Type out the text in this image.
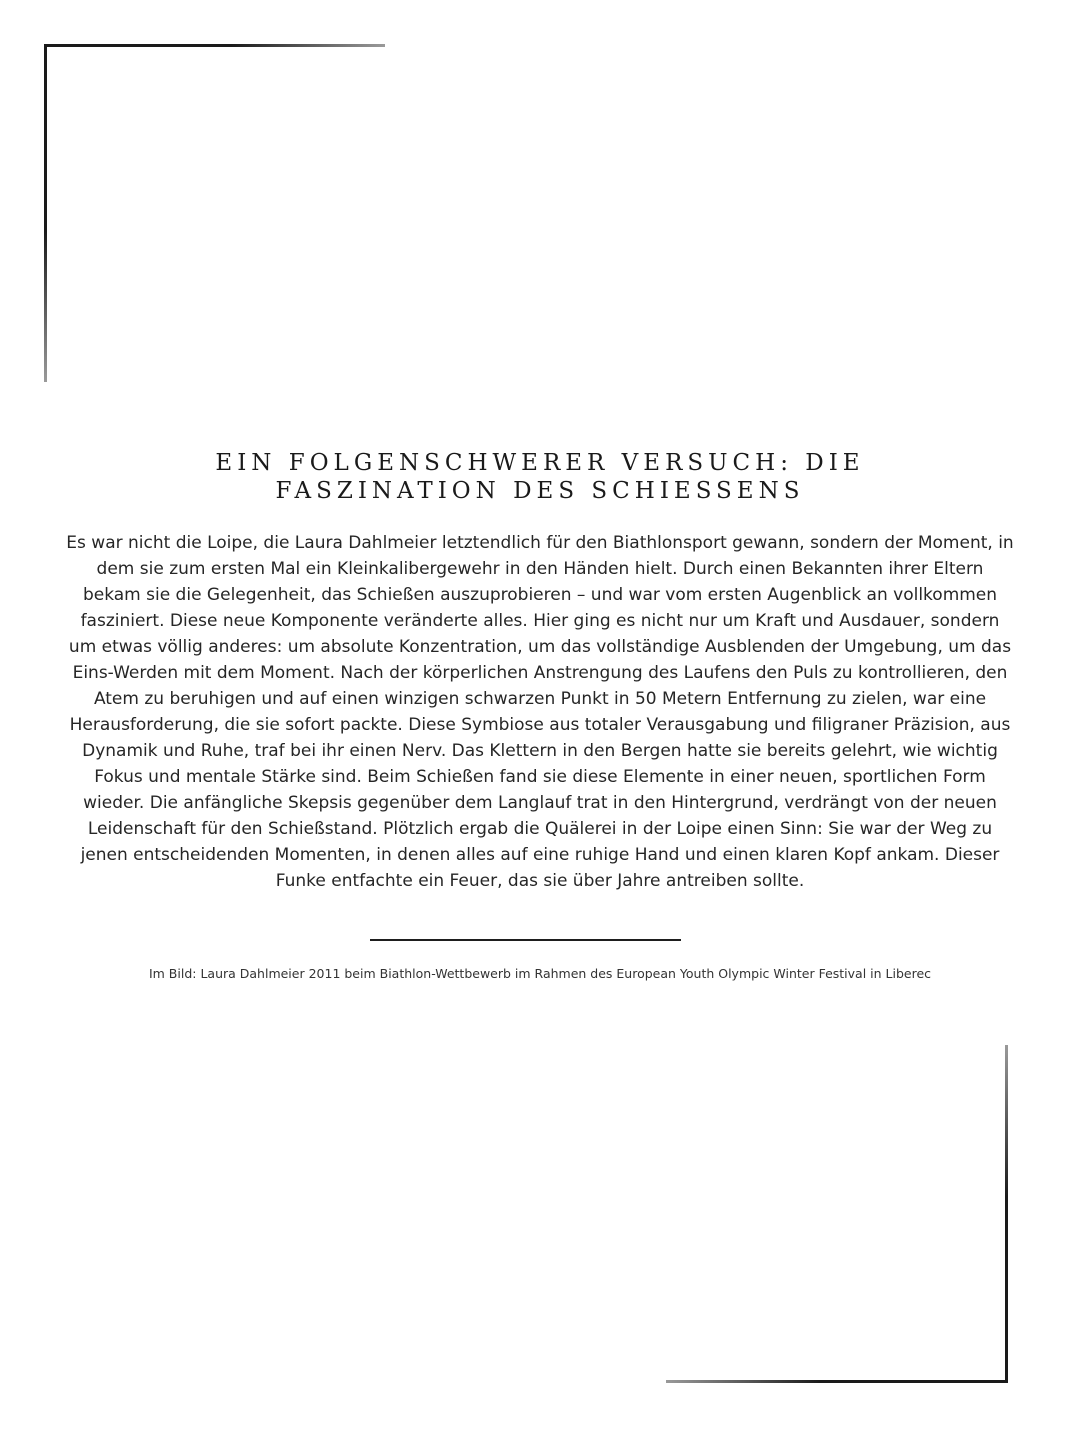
EIN FOLGENSCHWERER VERSUCH: DIE FASZINATION DES SCHIESSENS

Es war nicht die Loipe, die Laura Dahlmeier letztendlich für den Biathlonsport gewann, sondern der Moment, in dem sie zum ersten Mal ein Kleinkalibergewehr in den Händen hielt. Durch einen Bekannten ihrer Eltern bekam sie die Gelegenheit, das Schießen auszuprobieren – und war vom ersten Augenblick an vollkommen fasziniert. Diese neue Komponente veränderte alles. Hier ging es nicht nur um Kraft und Ausdauer, sondern um etwas völlig anderes: um absolute Konzentration, um das vollständige Ausblenden der Umgebung, um das Eins-Werden mit dem Moment. Nach der körperlichen Anstrengung des Laufens den Puls zu kontrollieren, den Atem zu beruhigen und auf einen winzigen schwarzen Punkt in 50 Metern Entfernung zu zielen, war eine Herausforderung, die sie sofort packte. Diese Symbiose aus totaler Verausgabung und filigraner Präzision, aus Dynamik und Ruhe, traf bei ihr einen Nerv. Das Klettern in den Bergen hatte sie bereits gelehrt, wie wichtig Fokus und mentale Stärke sind. Beim Schießen fand sie diese Elemente in einer neuen, sportlichen Form wieder. Die anfängliche Skepsis gegenüber dem Langlauf trat in den Hintergrund, verdrängt von der neuen Leidenschaft für den Schießstand. Plötzlich ergab die Quälerei in der Loipe einen Sinn: Sie war der Weg zu jenen entscheidenden Momenten, in denen alles auf eine ruhige Hand und einen klaren Kopf ankam. Dieser Funke entfachte ein Feuer, das sie über Jahre antreiben sollte.

Im Bild: Laura Dahlmeier 2011 beim Biathlon-Wettbewerb im Rahmen des European Youth Olympic Winter Festival in Liberec
